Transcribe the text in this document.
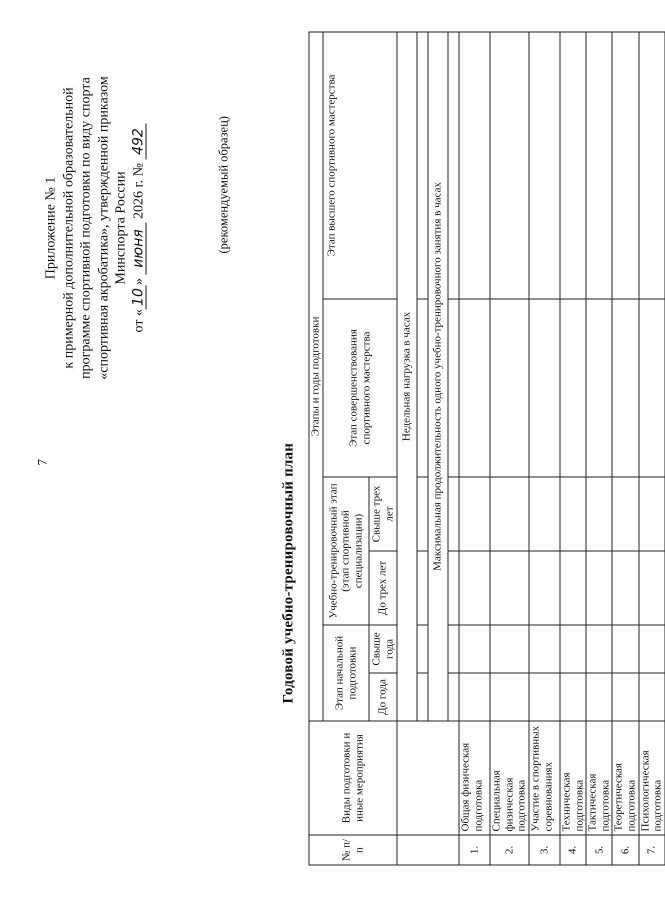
7
Приложение № 1 к примерной дополнительной образовательной программе спортивной подготовки по виду спорта «спортивная акробатика», утвержденной приказом Минспорта России
от «10» июня 2026 г. № 492	(рекомендуемый образец)
Годовой учебно-тренировочный план
№ п/п	Виды подготовки и иные мероприятия	Этапы и годы подготовки					
		Этап начальной подготовки		Учебно-тренировочный этап (этап спортивной специализации)		Этап совершенствования спортивного мастерства	Этап высшего спортивного мастерства
		До года	Свыше года	До трех лет	Свыше трех лет		
		Недельная нагрузка в часах					

		Максимальная продолжительность одного учебно-тренировочного занятия в часах					

1.	Общая физическая подготовка						
2.	Специальная физическая подготовка						
3.	Участие в спортивных соревнованиях						
4.	Техническая подготовка						
5.	Тактическая подготовка						
6.	Теоретическая подготовка						
7.	Психологическая подготовка						
